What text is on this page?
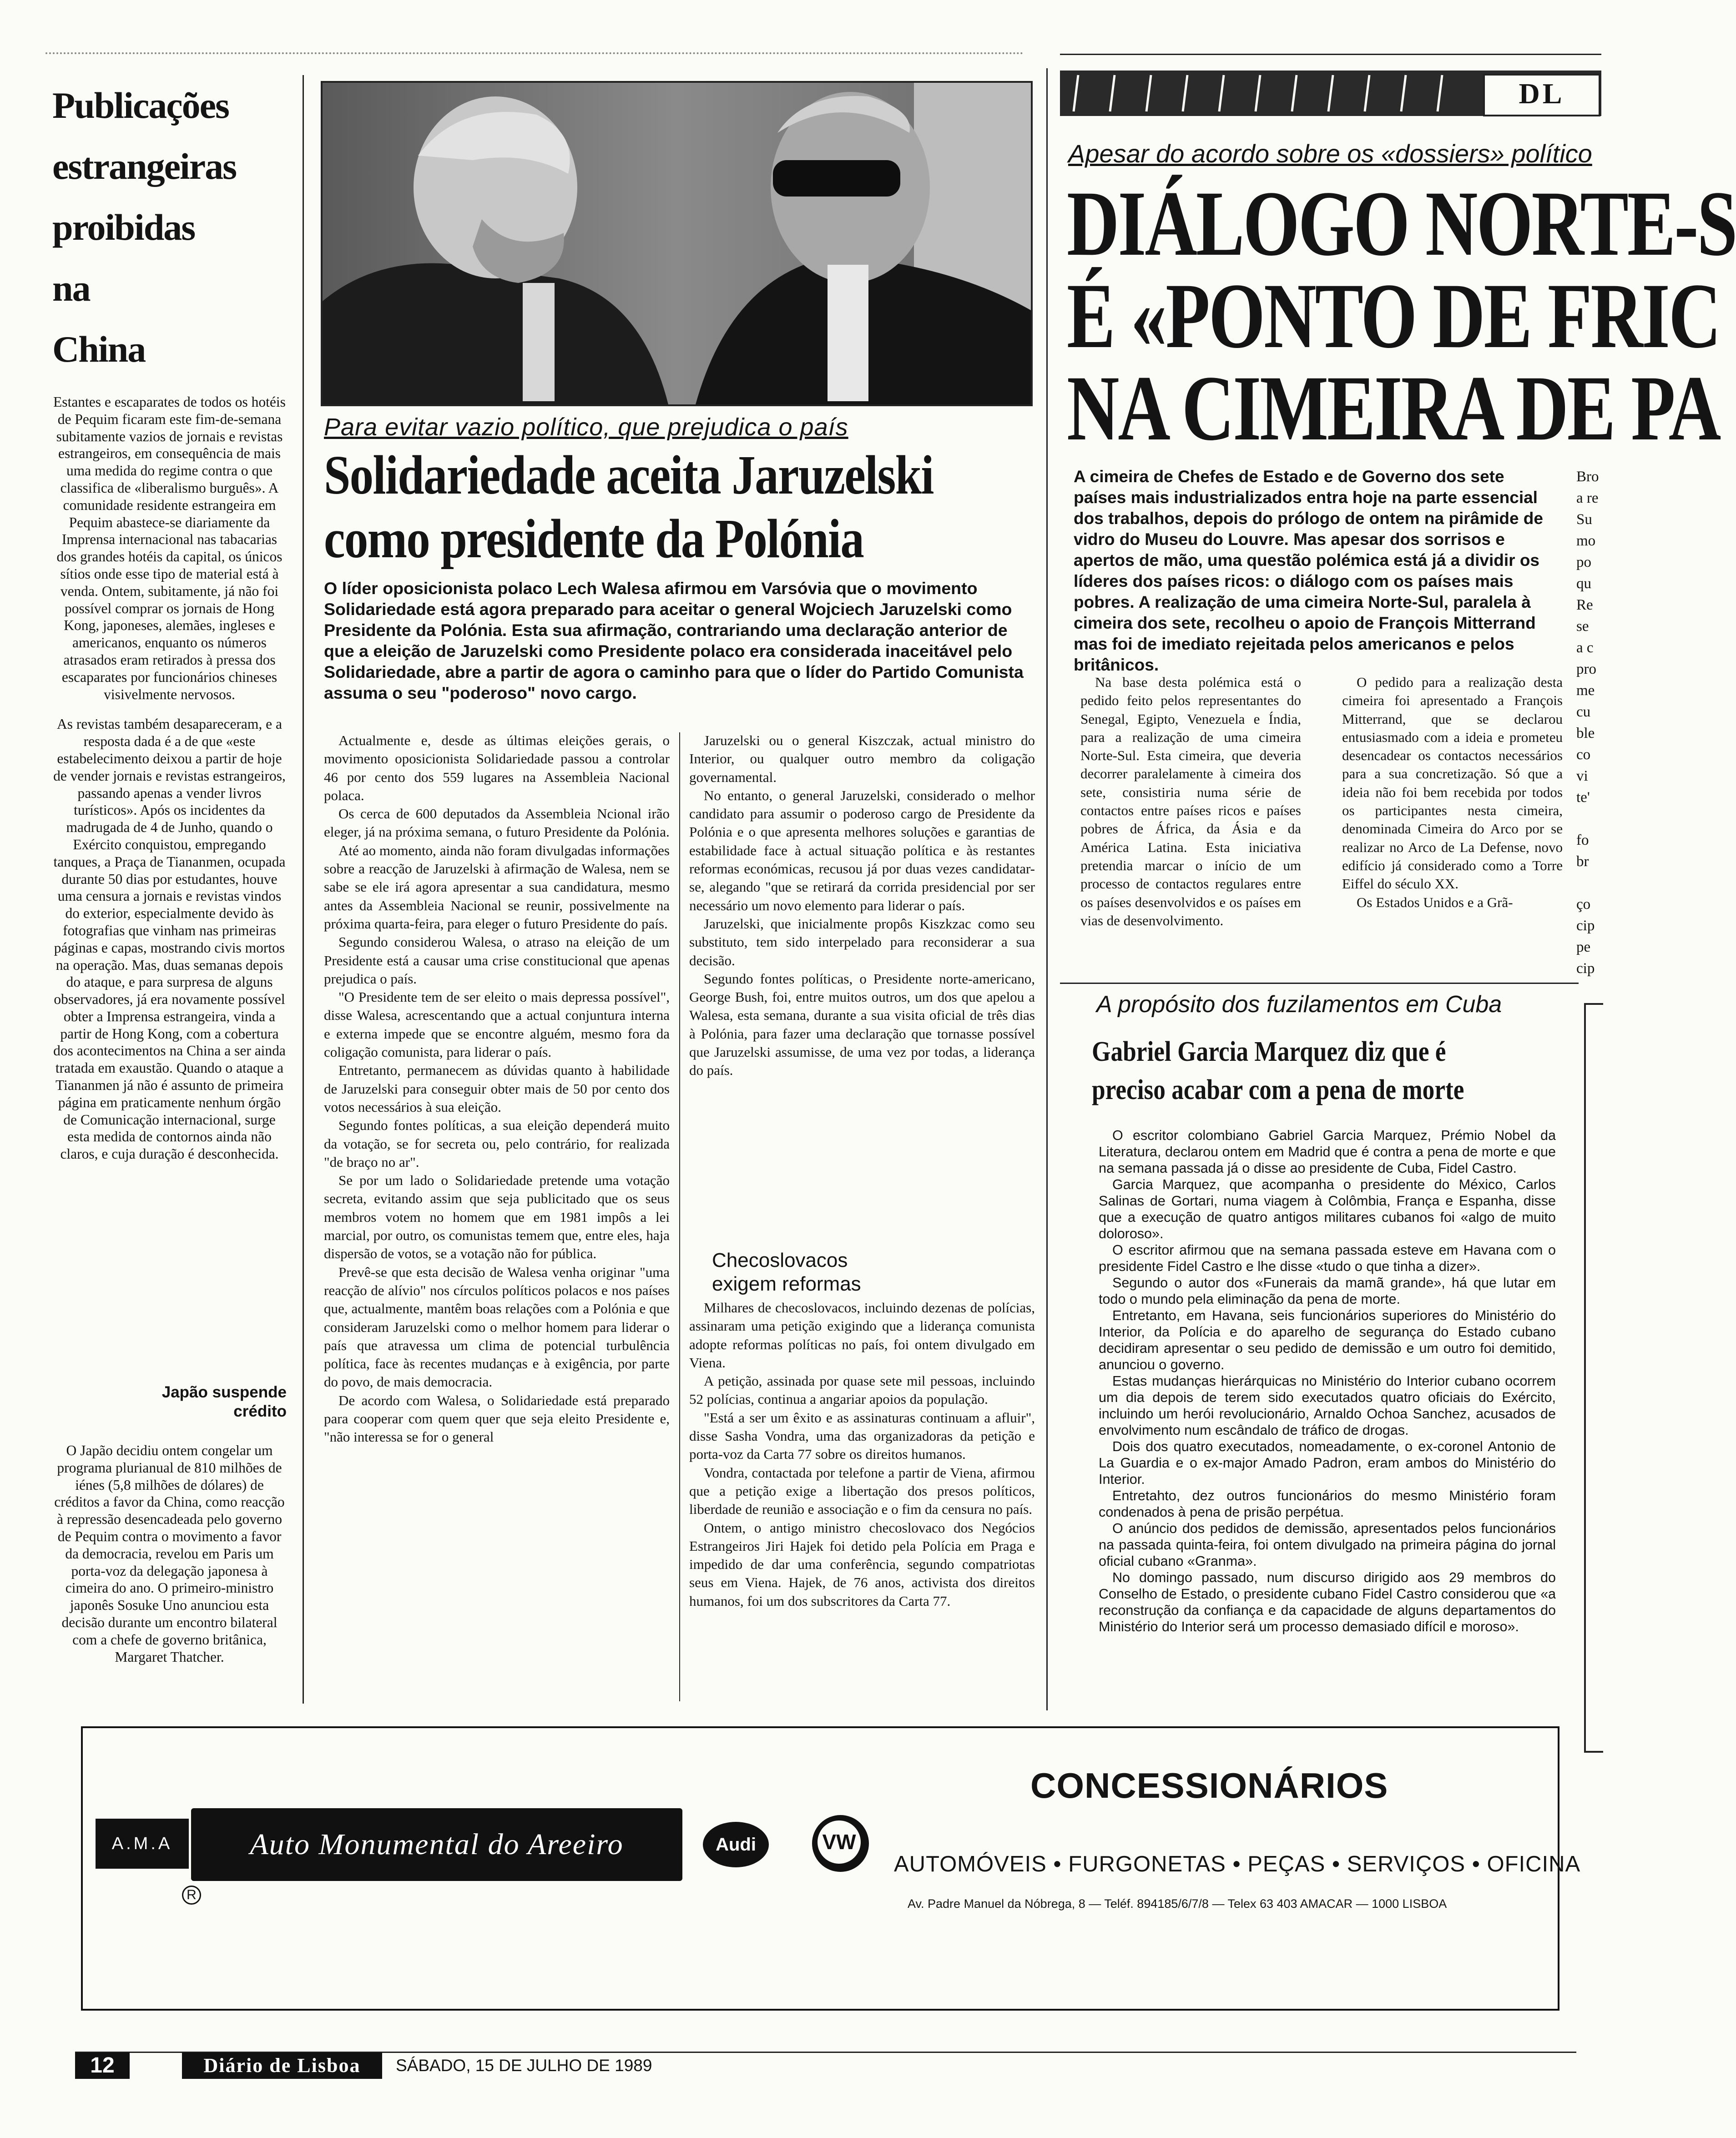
Publicações
estrangeiras
proibidas
na
China

Estantes e escaparates de todos os hotéis de Pequim ficaram este fim-de-semana subitamente vazios de jornais e revistas estrangeiros, em consequência de mais uma medida do regime contra o que classifica de «liberalismo burguês». A comunidade residente estrangeira em Pequim abastece-se diariamente da Imprensa internacional nas tabacarias dos grandes hotéis da capital, os únicos sítios onde esse tipo de material está à venda. Ontem, subitamente, já não foi possível comprar os jornais de Hong Kong, japoneses, alemães, ingleses e americanos, enquanto os números atrasados eram retirados à pressa dos escaparates por funcionários chineses visivelmente nervosos.

As revistas também desapareceram, e a resposta dada é a de que «este estabelecimento deixou a partir de hoje de vender jornais e revistas estrangeiros, passando apenas a vender livros turísticos». Após os incidentes da madrugada de 4 de Junho, quando o Exército conquistou, empregando tanques, a Praça de Tiananmen, ocupada durante 50 dias por estudantes, houve uma censura a jornais e revistas vindos do exterior, especialmente devido às fotografias que vinham nas primeiras páginas e capas, mostrando civis mortos na operação. Mas, duas semanas depois do ataque, e para surpresa de alguns observadores, já era novamente possível obter a Imprensa estrangeira, vinda a partir de Hong Kong, com a cobertura dos acontecimentos na China a ser ainda tratada em exaustão. Quando o ataque a Tiananmen já não é assunto de primeira página em praticamente nenhum órgão de Comunicação internacional, surge esta medida de contornos ainda não claros, e cuja duração é desconhecida.

Japão suspende crédito
O Japão decidiu ontem congelar um programa plurianual de 810 milhões de iénes (5,8 milhões de dólares) de créditos a favor da China, como reacção à repressão desencadeada pelo governo de Pequim contra o movimento a favor da democracia, revelou em Paris um porta-voz da delegação japonesa à cimeira do ano. O primeiro-ministro japonês Sosuke Uno anunciou esta decisão durante um encontro bilateral com a chefe de governo britânica, Margaret Thatcher.
Para evitar vazio político, que prejudica o país
Solidariedade aceita Jaruzelski
como presidente da Polónia
O líder oposicionista polaco Lech Walesa afirmou em Varsóvia que o movimento Solidariedade está agora preparado para aceitar o general Wojciech Jaruzelski como Presidente da Polónia. Esta sua afirmação, contrariando uma declaração anterior de que a eleição de Jaruzelski como Presidente polaco era considerada inaceitável pelo Solidariedade, abre a partir de agora o caminho para que o líder do Partido Comunista assuma o seu "poderoso" novo cargo.

Actualmente e, desde as últimas eleições gerais, o movimento oposicionista Solidariedade passou a controlar 46 por cento dos 559 lugares na Assembleia Nacional polaca.

Os cerca de 600 deputados da Assembleia Ncional irão eleger, já na próxima semana, o futuro Presidente da Polónia.

Até ao momento, ainda não foram divulgadas informações sobre a reacção de Jaruzelski à afirmação de Walesa, nem se sabe se ele irá agora apresentar a sua candidatura, mesmo antes da Assembleia Nacional se reunir, possivelmente na próxima quarta-feira, para eleger o futuro Presidente do país.

Segundo considerou Walesa, o atraso na eleição de um Presidente está a causar uma crise constitucional que apenas prejudica o país.

"O Presidente tem de ser eleito o mais depressa possível", disse Walesa, acrescentando que a actual conjuntura interna e externa impede que se encontre alguém, mesmo fora da coligação comunista, para liderar o país.

Entretanto, permanecem as dúvidas quanto à habilidade de Jaruzelski para conseguir obter mais de 50 por cento dos votos necessários à sua eleição.

Segundo fontes políticas, a sua eleição dependerá muito da votação, se for secreta ou, pelo contrário, for realizada "de braço no ar".

Se por um lado o Solidariedade pretende uma votação secreta, evitando assim que seja publicitado que os seus membros votem no homem que em 1981 impôs a lei marcial, por outro, os comunistas temem que, entre eles, haja dispersão de votos, se a votação não for pública.

Prevê-se que esta decisão de Walesa venha originar "uma reacção de alívio" nos círculos políticos polacos e nos países que, actualmente, mantêm boas relações com a Polónia e que consideram Jaruzelski como o melhor homem para liderar o país que atravessa um clima de potencial turbulência política, face às recentes mudanças e à exigência, por parte do povo, de mais democracia.

De acordo com Walesa, o Solidariedade está preparado para cooperar com quem quer que seja eleito Presidente e, "não interessa se for o general

Jaruzelski ou o general Kiszczak, actual ministro do Interior, ou qualquer outro membro da coligação governamental.

No entanto, o general Jaruzelski, considerado o melhor candidato para assumir o poderoso cargo de Presidente da Polónia e o que apresenta melhores soluções e garantias de estabilidade face à actual situação política e às restantes reformas económicas, recusou já por duas vezes candidatar-se, alegando "que se retirará da corrida presidencial por ser necessário um novo elemento para liderar o país.

Jaruzelski, que inicialmente propôs Kiszkzac como seu substituto, tem sido interpelado para reconsiderar a sua decisão.

Segundo fontes políticas, o Presidente norte-americano, George Bush, foi, entre muitos outros, um dos que apelou a Walesa, esta semana, durante a sua visita oficial de três dias à Polónia, para fazer uma declaração que tornasse possível que Jaruzelski assumisse, de uma vez por todas, a liderança do país.

Checoslovacos
exigem reformas

Milhares de checoslovacos, incluindo dezenas de polícias, assinaram uma petição exigindo que a liderança comunista adopte reformas políticas no país, foi ontem divulgado em Viena.

A petição, assinada por quase sete mil pessoas, incluindo 52 polícias, continua a angariar apoios da população.

"Está a ser um êxito e as assinaturas continuam a afluir", disse Sasha Vondra, uma das organizadoras da petição e porta-voz da Carta 77 sobre os direitos humanos.

Vondra, contactada por telefone a partir de Viena, afirmou que a petição exige a libertação dos presos políticos, liberdade de reunião e associação e o fim da censura no país.

Ontem, o antigo ministro checoslovaco dos Negócios Estrangeiros Jiri Hajek foi detido pela Polícia em Praga e impedido de dar uma conferência, segundo compatriotas seus em Viena. Hajek, de 76 anos, activista dos direitos humanos, foi um dos subscritores da Carta 77.

DL
Apesar do acordo sobre os «dossiers» político
DIÁLOGO NORTE-S
É «PONTO DE FRIC
NA CIMEIRA DE PA
A cimeira de Chefes de Estado e de Governo dos sete países mais industrializados entra hoje na parte essencial dos trabalhos, depois do prólogo de ontem na pirâmide de vidro do Museu do Louvre. Mas apesar dos sorrisos e apertos de mão, uma questão polémica está já a dividir os líderes dos países ricos: o diálogo com os países mais pobres. A realização de uma cimeira Norte-Sul, paralela à cimeira dos sete, recolheu o apoio de François Mitterrand mas foi de imediato rejeitada pelos americanos e pelos britânicos.

Na base desta polémica está o pedido feito pelos representantes do Senegal, Egipto, Venezuela e Índia, para a realização de uma cimeira Norte-Sul. Esta cimeira, que deveria decorrer paralelamente à cimeira dos sete, consistiria numa série de contactos entre países ricos e países pobres de África, da Ásia e da América Latina. Esta iniciativa pretendia marcar o início de um processo de contactos regulares entre os países desenvolvidos e os países em vias de desenvolvimento.

O pedido para a realização desta cimeira foi apresentado a François Mitterrand, que se declarou entusiasmado com a ideia e prometeu desencadear os contactos necessários para a sua concretização. Só que a ideia não foi bem recebida por todos os participantes nesta cimeira, denominada Cimeira do Arco por se realizar no Arco de La Defense, novo edifício já considerado como a Torre Eiffel do século XX.

Os Estados Unidos e a Grã-

Bro
a re
Su
mo
po
qu
Re
se
a c
pro
me
cu
ble
co
vi
te'

fo
br

ço
cip
pe
cip
A propósito dos fuzilamentos em Cuba
Gabriel Garcia Marquez diz que é preciso acabar com a pena de morte

O escritor colombiano Gabriel Garcia Marquez, Prémio Nobel da Literatura, declarou ontem em Madrid que é contra a pena de morte e que na semana passada já o disse ao presidente de Cuba, Fidel Castro.

Garcia Marquez, que acompanha o presidente do México, Carlos Salinas de Gortari, numa viagem à Colômbia, França e Espanha, disse que a execução de quatro antigos militares cubanos foi «algo de muito doloroso».

O escritor afirmou que na semana passada esteve em Havana com o presidente Fidel Castro e lhe disse «tudo o que tinha a dizer».

Segundo o autor dos «Funerais da mamã grande», há que lutar em todo o mundo pela eliminação da pena de morte.

Entretanto, em Havana, seis funcionários superiores do Ministério do Interior, da Polícia e do aparelho de segurança do Estado cubano decidiram apresentar o seu pedido de demissão e um outro foi demitido, anunciou o governo.

Estas mudanças hierárquicas no Ministério do Interior cubano ocorrem um dia depois de terem sido executados quatro oficiais do Exército, incluindo um herói revolucionário, Arnaldo Ochoa Sanchez, acusados de envolvimento num escândalo de tráfico de drogas.

Dois dos quatro executados, nomeadamente, o ex-coronel Antonio de La Guardia e o ex-major Amado Padron, eram ambos do Ministério do Interior.

Entretahto, dez outros funcionários do mesmo Ministério foram condenados à pena de prisão perpétua.

O anúncio dos pedidos de demissão, apresentados pelos funcionários na passada quinta-feira, foi ontem divulgado na primeira página do jornal oficial cubano «Granma».

No domingo passado, num discurso dirigido aos 29 membros do Conselho de Estado, o presidente cubano Fidel Castro considerou que «a reconstrução da confiança e da capacidade de alguns departamentos do Ministério do Interior será um processo demasiado difícil e moroso».

A.M.A
R
Auto Monumental do Areeiro	Audi	VW
CONCESSIONÁRIOS
AUTOMÓVEIS • FURGONETAS • PEÇAS • SERVIÇOS • OFICINA
Av. Padre Manuel da Nóbrega, 8 — Teléf. 894185/6/7/8 — Telex 63 403 AMACAR — 1000 LISBOA
12	Diário de Lisboa	SÁBADO, 15 DE JULHO DE 1989
